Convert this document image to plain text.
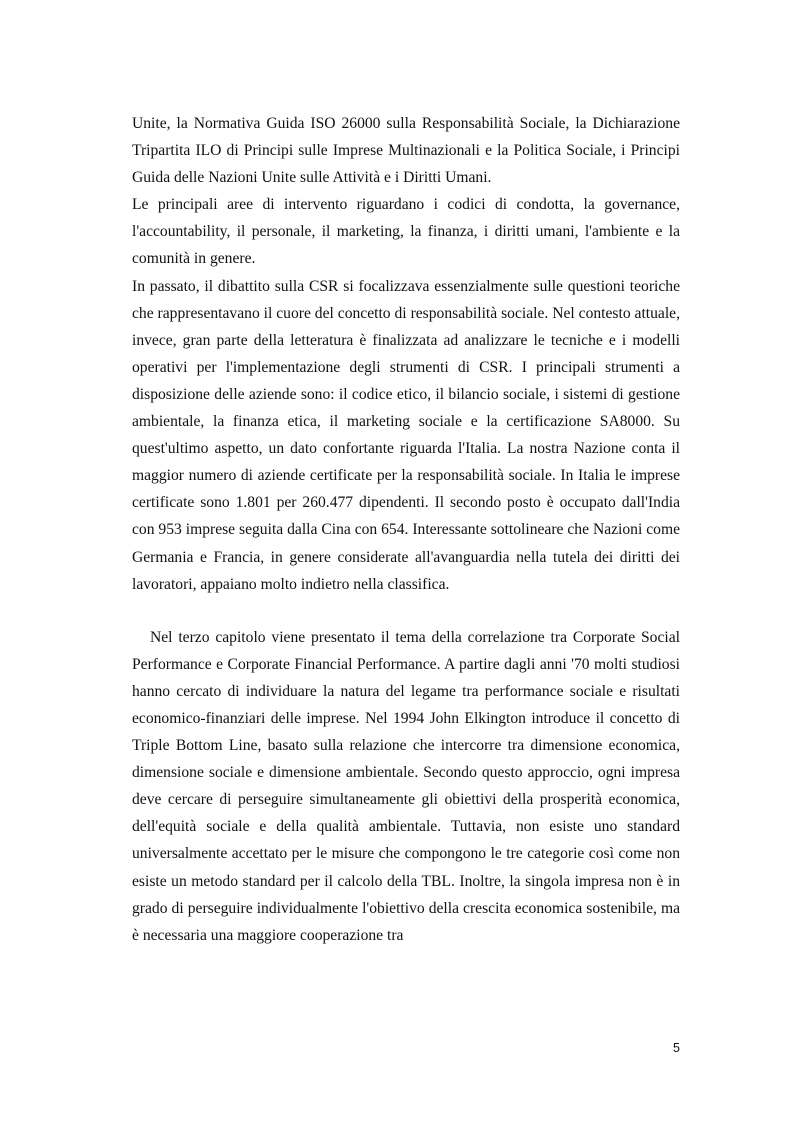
Unite, la Normativa Guida ISO 26000 sulla Responsabilità Sociale, la Dichiarazione Tripartita ILO di Principi sulle Imprese Multinazionali e la Politica Sociale, i Principi Guida delle Nazioni Unite sulle Attività e i Diritti Umani.

Le principali aree di intervento riguardano i codici di condotta, la governance, l'accountability, il personale, il marketing, la finanza, i diritti umani, l'ambiente e la comunità in genere.

In passato, il dibattito sulla CSR si focalizzava essenzialmente sulle questioni teoriche che rappresentavano il cuore del concetto di responsabilità sociale. Nel contesto attuale, invece, gran parte della letteratura è finalizzata ad analizzare le tecniche e i modelli operativi per l'implementazione degli strumenti di CSR. I principali strumenti a disposizione delle aziende sono: il codice etico, il bilancio sociale, i sistemi di gestione ambientale, la finanza etica, il marketing sociale e la certificazione SA8000. Su quest'ultimo aspetto, un dato confortante riguarda l'Italia. La nostra Nazione conta il maggior numero di aziende certificate per la responsabilità sociale. In Italia le imprese certificate sono 1.801 per 260.477 dipendenti. Il secondo posto è occupato dall'India con 953 imprese seguita dalla Cina con 654. Interessante sottolineare che Nazioni come Germania e Francia, in genere considerate all'avanguardia nella tutela dei diritti dei lavoratori, appaiano molto indietro nella classifica.

Nel terzo capitolo viene presentato il tema della correlazione tra Corporate Social Performance e Corporate Financial Performance. A partire dagli anni '70 molti studiosi hanno cercato di individuare la natura del legame tra performance sociale e risultati economico-finanziari delle imprese. Nel 1994 John Elkington introduce il concetto di Triple Bottom Line, basato sulla relazione che intercorre tra dimensione economica, dimensione sociale e dimensione ambientale. Secondo questo approccio, ogni impresa deve cercare di perseguire simultaneamente gli obiettivi della prosperità economica, dell'equità sociale e della qualità ambientale. Tuttavia, non esiste uno standard universalmente accettato per le misure che compongono le tre categorie così come non esiste un metodo standard per il calcolo della TBL. Inoltre, la singola impresa non è in grado di perseguire individualmente l'obiettivo della crescita economica sostenibile, ma è necessaria una maggiore cooperazione tra

5
